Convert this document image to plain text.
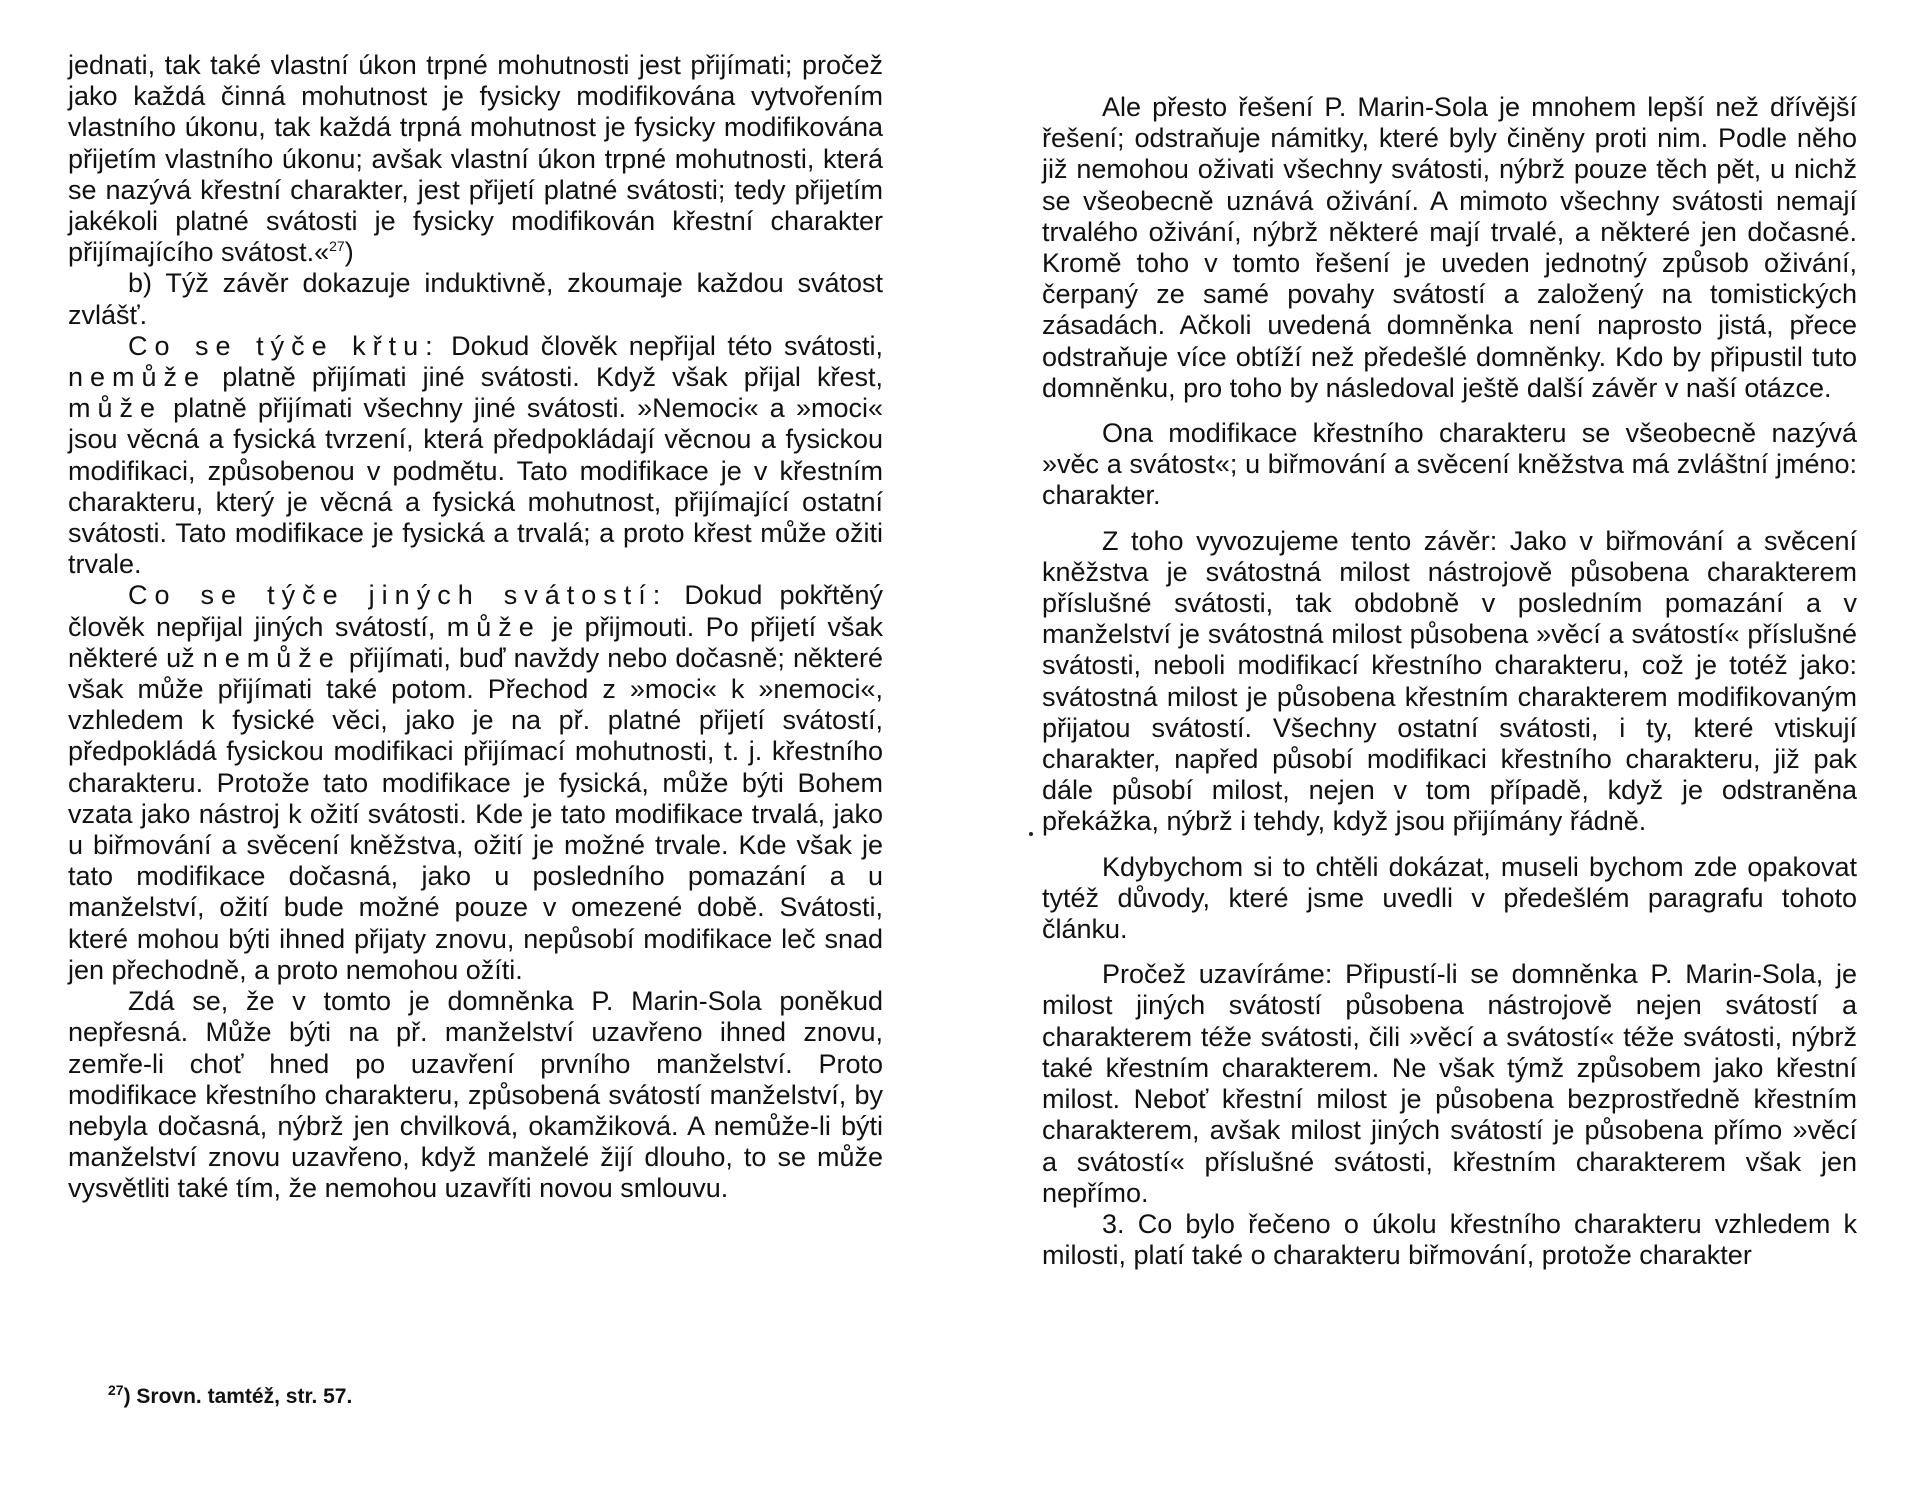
jednati, tak také vlastní úkon trpné mohutnosti jest přijímati; pročež jako každá činná mohutnost je fysicky modifikována vytvořením vlastního úkonu, tak každá trpná mohutnost je fysicky modifikována přijetím vlastního úkonu; avšak vlastní úkon trpné mohutnosti, která se nazývá křestní charakter, jest přijetí platné svátosti; tedy přijetím jakékoli platné svátosti je fysicky modifikován křestní charakter přijímajícího svátost.«$^{27}$)

b) Týž závěr dokazuje induktivně, zkoumaje každou svátost zvlášť.

Co se týče křtu: Dokud člověk nepřijal této svátosti, nemůže platně přijímati jiné svátosti. Když však přijal křest, může platně přijímati všechny jiné svátosti. »Nemoci« a »moci« jsou věcná a fysická tvrzení, která předpokládají věcnou a fysickou modifikaci, způsobenou v podmětu. Tato modifikace je v křestním charakteru, který je věcná a fysická mohutnost, přijímající ostatní svátosti. Tato modifikace je fysická a trvalá; a proto křest může ožiti trvale.

Co se týče jiných svátostí: Dokud pokřtěný člověk nepřijal jiných svátostí, může je přijmouti. Po přijetí však některé už nemůže přijímati, buď navždy nebo dočasně; některé však může přijímati také potom. Přechod z »moci« k »nemoci«, vzhledem k fysické věci, jako je na př. platné přijetí svátostí, předpokládá fysickou modifikaci přijímací mohutnosti, t. j. křestního charakteru. Protože tato modifikace je fysická, může býti Bohem vzata jako nástroj k ožití svátosti. Kde je tato modifikace trvalá, jako u biřmování a svěcení kněžstva, ožití je možné trvale. Kde však je tato modifikace dočasná, jako u posledního pomazání a u manželství, ožití bude možné pouze v omezené době. Svátosti, které mohou býti ihned přijaty znovu, nepůsobí modifikace leč snad jen přechodně, a proto nemohou ožíti.

Zdá se, že v tomto je domněnka P. Marin-Sola poněkud nepřesná. Může býti na př. manželství uzavřeno ihned znovu, zemře-li choť hned po uzavření prvního manželství. Proto modifikace křestního charakteru, způsobená svátostí manželství, by nebyla dočasná, nýbrž jen chvilková, okamžiková. A nemůže-li býti manželství znovu uzavřeno, když manželé žijí dlouho, to se může vysvětliti také tím, že nemohou uzavříti novou smlouvu.

$^{27}$) Srovn. tamtéž, str. 57.

Ale přesto řešení P. Marin-Sola je mnohem lepší než dřívější řešení; odstraňuje námitky, které byly činěny proti nim. Podle něho již nemohou oživati všechny svátosti, nýbrž pouze těch pět, u nichž se všeobecně uznává oživání. A mimoto všechny svátosti nemají trvalého oživání, nýbrž některé mají trvalé, a některé jen dočasné. Kromě toho v tomto řešení je uveden jednotný způsob oživání, čerpaný ze samé povahy svátostí a založený na tomistických zásadách. Ačkoli uvedená domněnka není naprosto jistá, přece odstraňuje více obtíží než předešlé domněnky. Kdo by připustil tuto domněnku, pro toho by následoval ještě další závěr v naší otázce.

Ona modifikace křestního charakteru se všeobecně nazývá »věc a svátost«; u biřmování a svěcení kněžstva má zvláštní jméno: charakter.

Z toho vyvozujeme tento závěr: Jako v biřmování a svěcení kněžstva je svátostná milost nástrojově působena charakterem příslušné svátosti, tak obdobně v posledním pomazání a v manželství je svátostná milost působena »věcí a svátostí« příslušné svátosti, neboli modifikací křestního charakteru, což je totéž jako: svátostná milost je působena křestním charakterem modifikovaným přijatou svátostí. Všechny ostatní svátosti, i ty, které vtiskují charakter, napřed působí modifikaci křestního charakteru, již pak dále působí milost, nejen v tom případě, když je odstraněna překážka, nýbrž i tehdy, když jsou přijímány řádně.

Kdybychom si to chtěli dokázat, museli bychom zde opakovat tytéž důvody, které jsme uvedli v předešlém paragrafu tohoto článku.

Pročež uzavíráme: Připustí-li se domněnka P. Marin-Sola, je milost jiných svátostí působena nástrojově nejen svátostí a charakterem téže svátosti, čili »věcí a svátostí« téže svátosti, nýbrž také křestním charakterem. Ne však týmž způsobem jako křestní milost. Neboť křestní milost je působena bezprostředně křestním charakterem, avšak milost jiných svátostí je působena přímo »věcí a svátostí« příslušné svátosti, křestním charakterem však jen nepřímo.

3. Co bylo řečeno o úkolu křestního charakteru vzhledem k milosti, platí také o charakteru biřmování, protože charakter
